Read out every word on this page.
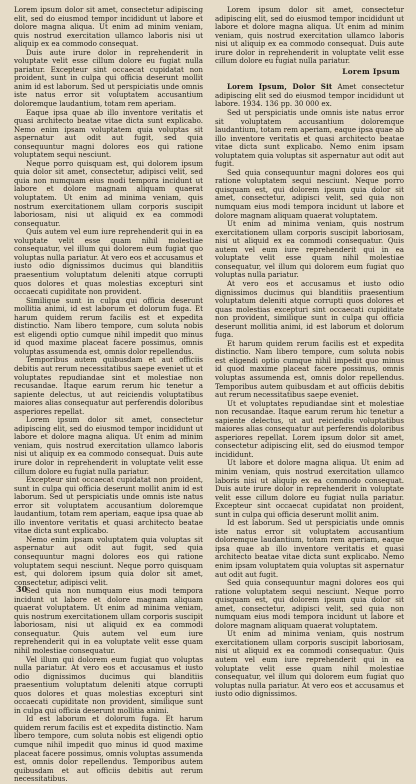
Lorem ipsum dolor sit amet, consectetur adipiscing elit, sed do eiusmod tempor incididunt ut labore et dolore magna aliqua. Ut enim ad minim veniam, quis nostrud exercitation ullamco laboris nisi ut aliquip ex ea commodo consequat.

Duis aute irure dolor in reprehenderit in voluptate velit esse cillum dolore eu fugiat nulla pariatur. Excepteur sint occaecat cupidatat non proident, sunt in culpa qui officia deserunt mollit anim id est laborum. Sed ut perspiciatis unde omnis iste natus error sit voluptatem accusantium doloremque laudantium, totam rem aperiam.

Eaque ipsa quae ab illo inventore veritatis et quasi architecto beatae vitae dicta sunt explicabo. Nemo enim ipsam voluptatem quia voluptas sit aspernatur aut odit aut fugit, sed quia consequuntur magni dolores eos qui ratione voluptatem sequi nesciunt.

Neque porro quisquam est, qui dolorem ipsum quia dolor sit amet, consectetur, adipisci velit, sed quia non numquam eius modi tempora incidunt ut labore et dolore magnam aliquam quaerat voluptatem. Ut enim ad minima veniam, quis nostrum exercitationem ullam corporis suscipit laboriosam, nisi ut aliquid ex ea commodi consequatur.

Quis autem vel eum iure reprehenderit qui in ea voluptate velit esse quam nihil molestiae consequatur, vel illum qui dolorem eum fugiat quo voluptas nulla pariatur. At vero eos et accusamus et iusto odio dignissimos ducimus qui blanditiis praesentium voluptatum deleniti atque corrupti quos dolores et quas molestias excepturi sint occaecati cupiditate non provident.

Similique sunt in culpa qui officia deserunt mollitia animi, id est laborum et dolorum fuga. Et harum quidem rerum facilis est et expedita distinctio. Nam libero tempore, cum soluta nobis est eligendi optio cumque nihil impedit quo minus id quod maxime placeat facere possimus, omnis voluptas assumenda est, omnis dolor repellendus.

Temporibus autem quibusdam et aut officiis debitis aut rerum necessitatibus saepe eveniet ut et voluptates repudiandae sint et molestiae non recusandae. Itaque earum rerum hic tenetur a sapiente delectus, ut aut reiciendis voluptatibus maiores alias consequatur aut perferendis doloribus asperiores repellat.

Lorem ipsum dolor sit amet, consectetur adipiscing elit, sed do eiusmod tempor incididunt ut labore et dolore magna aliqua. Ut enim ad minim veniam, quis nostrud exercitation ullamco laboris nisi ut aliquip ex ea commodo consequat. Duis aute irure dolor in reprehenderit in voluptate velit esse cillum dolore eu fugiat nulla pariatur.

Excepteur sint occaecat cupidatat non proident, sunt in culpa qui officia deserunt mollit anim id est laborum. Sed ut perspiciatis unde omnis iste natus error sit voluptatem accusantium doloremque laudantium, totam rem aperiam, eaque ipsa quae ab illo inventore veritatis et quasi architecto beatae vitae dicta sunt explicabo.

Nemo enim ipsam voluptatem quia voluptas sit aspernatur aut odit aut fugit, sed quia consequuntur magni dolores eos qui ratione voluptatem sequi nesciunt. Neque porro quisquam est, qui dolorem ipsum quia dolor sit amet, consectetur, adipisci velit.

Sed quia non numquam eius modi tempora incidunt ut labore et dolore magnam aliquam quaerat voluptatem. Ut enim ad minima veniam, quis nostrum exercitationem ullam corporis suscipit laboriosam, nisi ut aliquid ex ea commodi consequatur. Quis autem vel eum iure reprehenderit qui in ea voluptate velit esse quam nihil molestiae consequatur.

Vel illum qui dolorem eum fugiat quo voluptas nulla pariatur. At vero eos et accusamus et iusto odio dignissimos ducimus qui blanditiis praesentium voluptatum deleniti atque corrupti quos dolores et quas molestias excepturi sint occaecati cupiditate non provident, similique sunt in culpa qui officia deserunt mollitia animi.

Id est laborum et dolorum fuga. Et harum quidem rerum facilis est et expedita distinctio. Nam libero tempore, cum soluta nobis est eligendi optio cumque nihil impedit quo minus id quod maxime placeat facere possimus, omnis voluptas assumenda est, omnis dolor repellendus. Temporibus autem quibusdam et aut officiis debitis aut rerum necessitatibus.

Lorem ipsum dolor sit amet, consectetur adipiscing elit, sed do eiusmod tempor incididunt ut labore et dolore magna aliqua. Ut enim ad minim veniam, quis nostrud exercitation ullamco laboris nisi ut aliquip ex ea commodo consequat. Duis aute irure dolor in reprehenderit in voluptate velit esse cillum dolore eu fugiat nulla pariatur.

Lorem Ipsum

Lorem Ipsum, Dolor Sit Amet consectetur adipiscing elit sed do eiusmod tempor incididunt ut labore. 1934. 136 pp. 30 000 ex.

Sed ut perspiciatis unde omnis iste natus error sit voluptatem accusantium doloremque laudantium, totam rem aperiam, eaque ipsa quae ab illo inventore veritatis et quasi architecto beatae vitae dicta sunt explicabo. Nemo enim ipsam voluptatem quia voluptas sit aspernatur aut odit aut fugit.

Sed quia consequuntur magni dolores eos qui ratione voluptatem sequi nesciunt. Neque porro quisquam est, qui dolorem ipsum quia dolor sit amet, consectetur, adipisci velit, sed quia non numquam eius modi tempora incidunt ut labore et dolore magnam aliquam quaerat voluptatem.

Ut enim ad minima veniam, quis nostrum exercitationem ullam corporis suscipit laboriosam, nisi ut aliquid ex ea commodi consequatur. Quis autem vel eum iure reprehenderit qui in ea voluptate velit esse quam nihil molestiae consequatur, vel illum qui dolorem eum fugiat quo voluptas nulla pariatur.

At vero eos et accusamus et iusto odio dignissimos ducimus qui blanditiis praesentium voluptatum deleniti atque corrupti quos dolores et quas molestias excepturi sint occaecati cupiditate non provident, similique sunt in culpa qui officia deserunt mollitia animi, id est laborum et dolorum fuga.

Et harum quidem rerum facilis est et expedita distinctio. Nam libero tempore, cum soluta nobis est eligendi optio cumque nihil impedit quo minus id quod maxime placeat facere possimus, omnis voluptas assumenda est, omnis dolor repellendus. Temporibus autem quibusdam et aut officiis debitis aut rerum necessitatibus saepe eveniet.

Ut et voluptates repudiandae sint et molestiae non recusandae. Itaque earum rerum hic tenetur a sapiente delectus, ut aut reiciendis voluptatibus maiores alias consequatur aut perferendis doloribus asperiores repellat. Lorem ipsum dolor sit amet, consectetur adipiscing elit, sed do eiusmod tempor incididunt.

Ut labore et dolore magna aliqua. Ut enim ad minim veniam, quis nostrud exercitation ullamco laboris nisi ut aliquip ex ea commodo consequat. Duis aute irure dolor in reprehenderit in voluptate velit esse cillum dolore eu fugiat nulla pariatur. Excepteur sint occaecat cupidatat non proident, sunt in culpa qui officia deserunt mollit anim.

Id est laborum. Sed ut perspiciatis unde omnis iste natus error sit voluptatem accusantium doloremque laudantium, totam rem aperiam, eaque ipsa quae ab illo inventore veritatis et quasi architecto beatae vitae dicta sunt explicabo. Nemo enim ipsam voluptatem quia voluptas sit aspernatur aut odit aut fugit.

Sed quia consequuntur magni dolores eos qui ratione voluptatem sequi nesciunt. Neque porro quisquam est, qui dolorem ipsum quia dolor sit amet, consectetur, adipisci velit, sed quia non numquam eius modi tempora incidunt ut labore et dolore magnam aliquam quaerat voluptatem.

Ut enim ad minima veniam, quis nostrum exercitationem ullam corporis suscipit laboriosam, nisi ut aliquid ex ea commodi consequatur. Quis autem vel eum iure reprehenderit qui in ea voluptate velit esse quam nihil molestiae consequatur, vel illum qui dolorem eum fugiat quo voluptas nulla pariatur. At vero eos et accusamus et iusto odio dignissimos.

30
